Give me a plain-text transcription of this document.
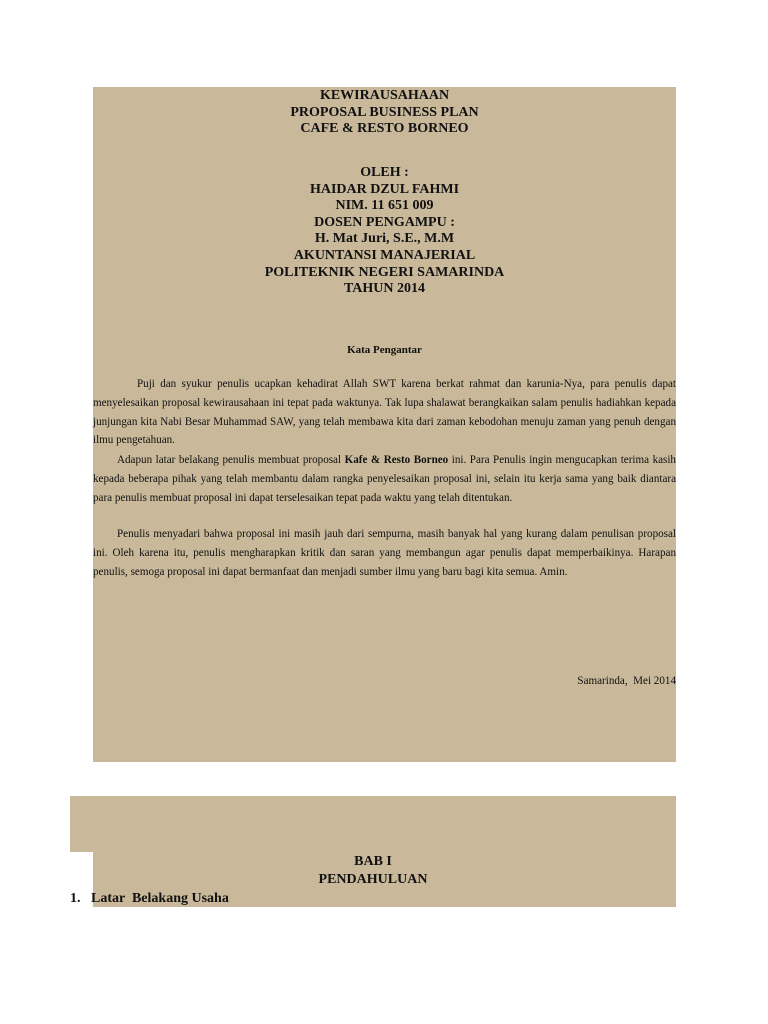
KEWIRAUSAHAAN
PROPOSAL BUSINESS PLAN
CAFE & RESTO BORNEO
OLEH :
HAIDAR DZUL FAHMI
NIM. 11 651 009
DOSEN PENGAMPU :
H. Mat Juri, S.E., M.M
AKUNTANSI MANAJERIAL
POLITEKNIK NEGERI SAMARINDA
TAHUN 2014
Kata Pengantar

Puji dan syukur penulis ucapkan kehadirat Allah SWT karena berkat rahmat dan karunia-Nya, para penulis dapat menyelesaikan proposal kewirausahaan ini tepat pada waktunya. Tak lupa shalawat berangkaikan salam penulis hadiahkan kepada junjungan kita Nabi Besar Muhammad SAW, yang telah membawa kita dari zaman kebodohan menuju zaman yang penuh dengan ilmu pengetahuan.

Adapun latar belakang penulis membuat proposal Kafe & Resto Borneo ini. Para Penulis ingin mengucapkan terima kasih kepada beberapa pihak yang telah membantu dalam rangka penyelesaikan proposal ini, selain itu kerja sama yang baik diantara para penulis membuat proposal ini dapat terselesaikan tepat pada waktu yang telah ditentukan.

Penulis menyadari bahwa proposal ini masih jauh dari sempurna, masih banyak hal yang kurang dalam penulisan proposal ini. Oleh karena itu, penulis mengharapkan kritik dan saran yang membangun agar penulis dapat memperbaikinya. Harapan penulis, semoga proposal ini dapat bermanfaat dan menjadi sumber ilmu yang baru bagi kita semua. Amin.

Samarinda,  Mei 2014
BAB I
PENDAHULUAN
1.   Latar  Belakang Usaha
